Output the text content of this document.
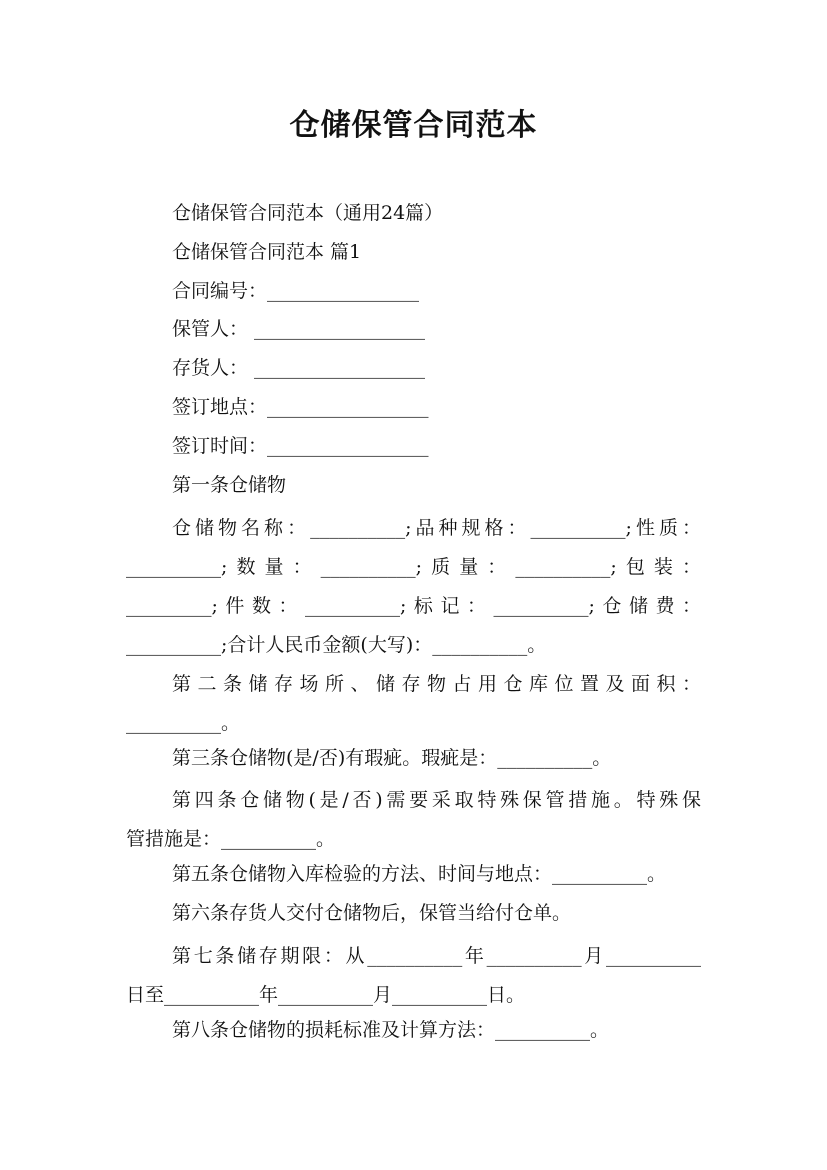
仓储保管合同范本
仓储保管合同范本（通用24篇）
仓储保管合同范本 篇1
合同编号：________________
保管人： __________________
存货人： __________________
签订地点：_________________
签订时间：_________________
第一条仓储物
仓储物名称：__________;品种规格：__________;性质：
__________;数量：__________;质量：__________;包装：
_________;件数：__________;标记：__________;仓储费：
__________;合计人民币金额(大写)：__________。
第二条储存场所、储存物占用仓库位置及面积：
__________。
第三条仓储物(是/否)有瑕疵。瑕疵是：__________。
第四条仓储物(是/否)需要采取特殊保管措施。特殊保
管措施是：__________。
第五条仓储物入库检验的方法、时间与地点：__________。
第六条存货人交付仓储物后，保管当给付仓单。
第七条储存期限：从__________年__________月__________
日至__________年__________月__________日。
第八条仓储物的损耗标准及计算方法：__________。
